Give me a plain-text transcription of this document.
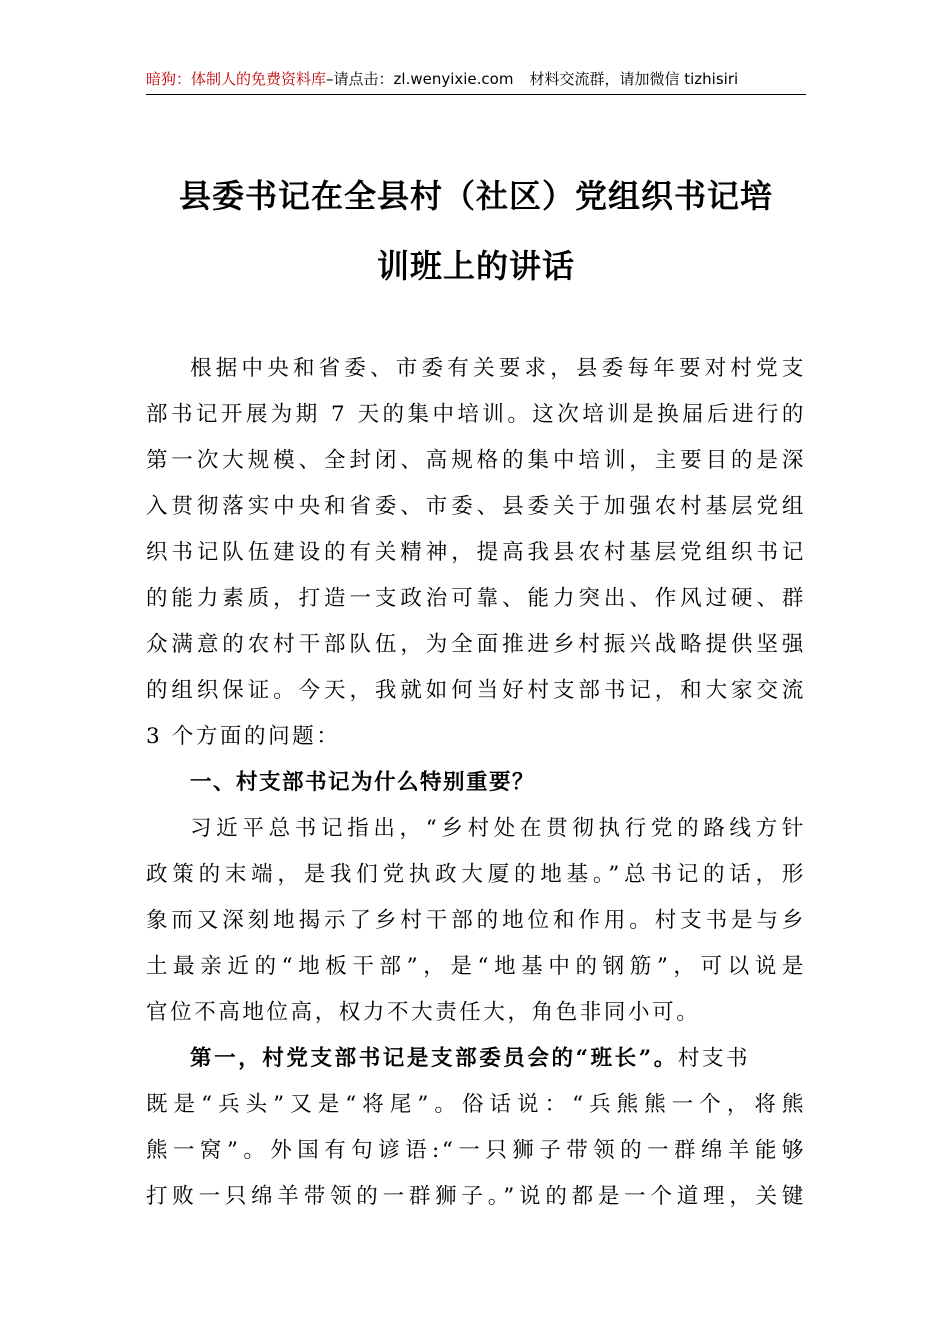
暗狗：体制人的免费资料库–请点击：zl.wenyixie.com 材料交流群，请加微信 tizhisiri
县委书记在全县村（社区）党组织书记培
训班上的讲话
根据中央和省委、市委有关要求，县委每年要对村党支
部书记开展为期 7 天的集中培训。这次培训是换届后进行的
第一次大规模、全封闭、高规格的集中培训，主要目的是深
入贯彻落实中央和省委、市委、县委关于加强农村基层党组
织书记队伍建设的有关精神，提高我县农村基层党组织书记
的能力素质，打造一支政治可靠、能力突出、作风过硬、群
众满意的农村干部队伍，为全面推进乡村振兴战略提供坚强
的组织保证。今天，我就如何当好村支部书记，和大家交流
3 个方面的问题：
一、村支部书记为什么特别重要？
习近平总书记指出，“乡村处在贯彻执行党的路线方针
政策的末端，是我们党执政大厦的地基。”总书记的话，形
象而又深刻地揭示了乡村干部的地位和作用。村支书是与乡
土最亲近的“地板干部”，是“地基中的钢筋”，可以说是
官位不高地位高，权力不大责任大，角色非同小可。
第一，村党支部书记是支部委员会的“班长”。村支书
既是“兵头”又是“将尾”。俗话说：“兵熊熊一个，将熊
熊一窝”。外国有句谚语:“一只狮子带领的一群绵羊能够
打败一只绵羊带领的一群狮子。”说的都是一个道理，关键
